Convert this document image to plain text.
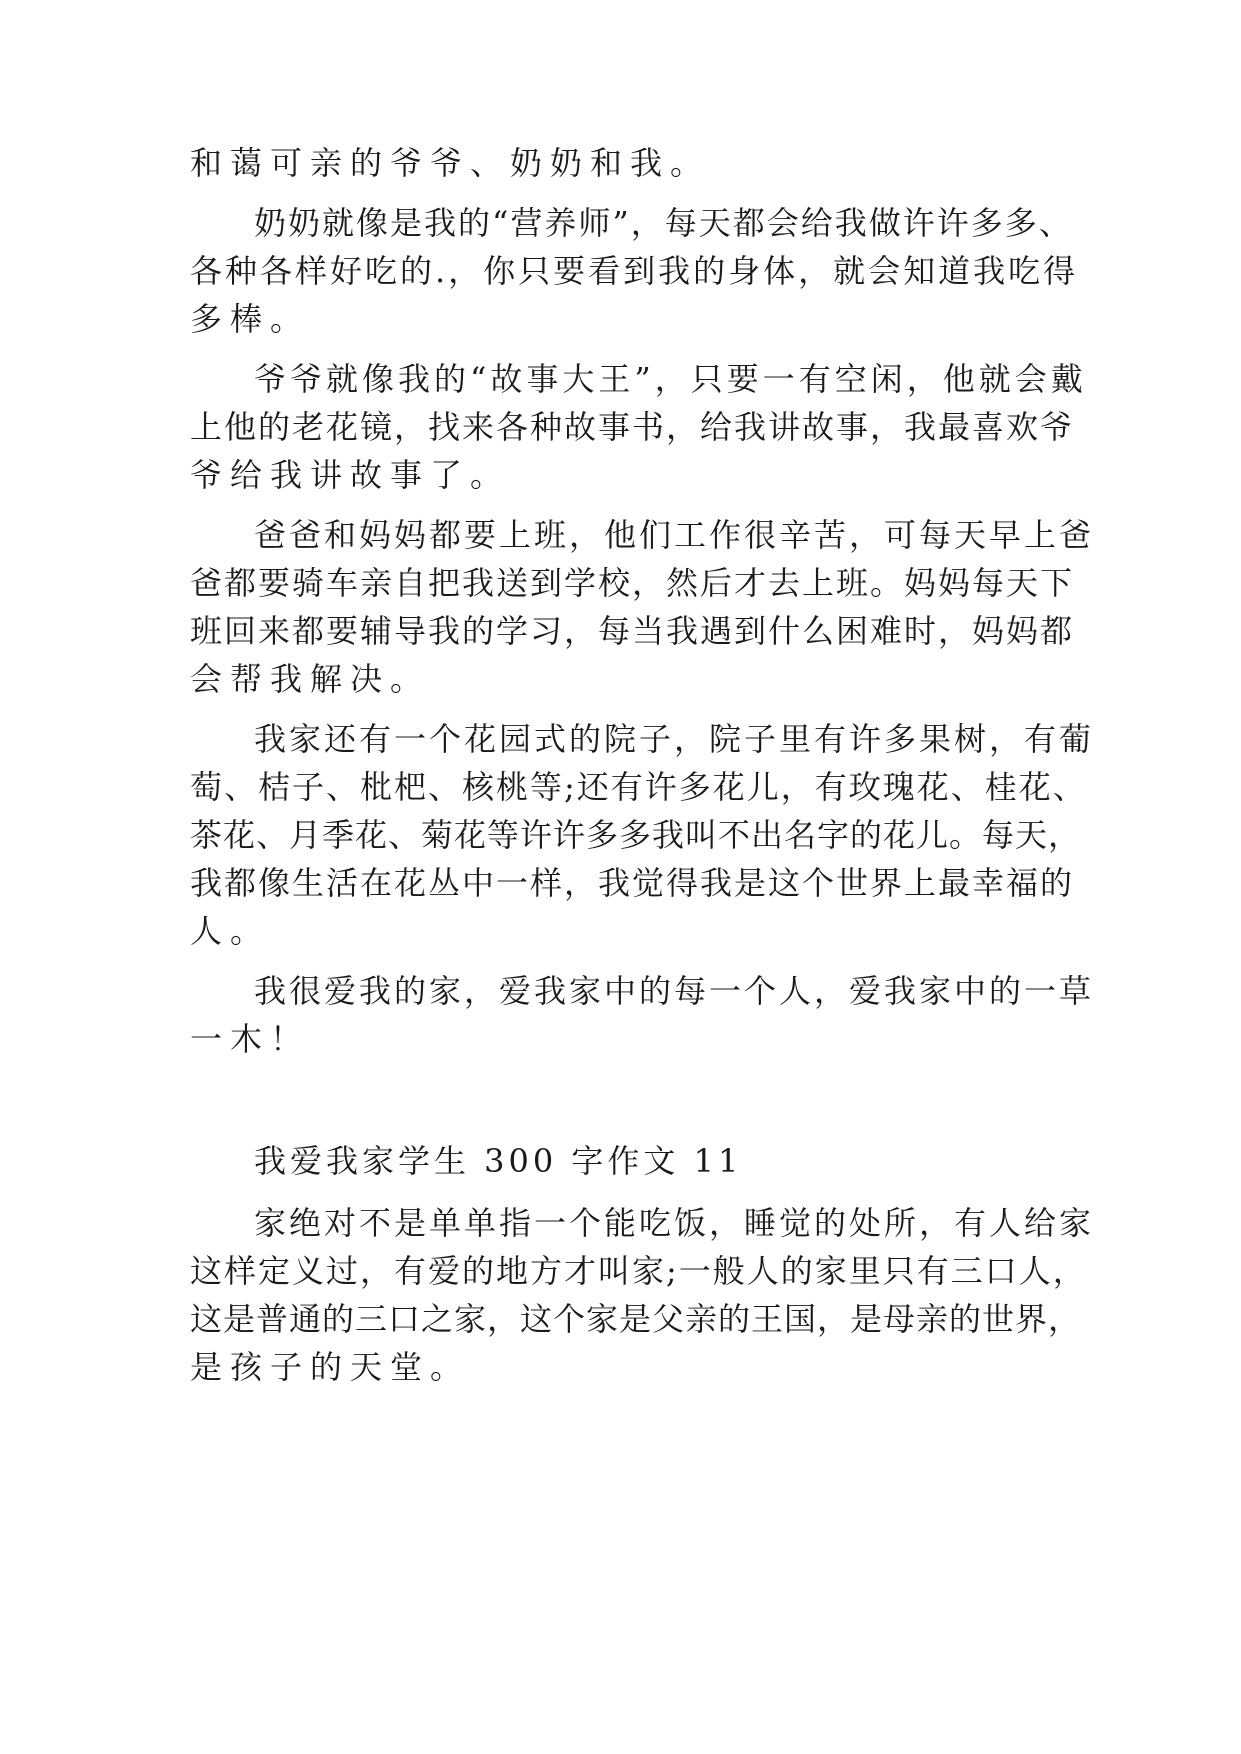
和蔼可亲的爷爷、奶奶和我。
奶奶就像是我的“营养师”，每天都会给我做许许多多、
各种各样好吃的.，你只要看到我的身体，就会知道我吃得
多棒。
爷爷就像我的“故事大王”，只要一有空闲，他就会戴
上他的老花镜，找来各种故事书，给我讲故事，我最喜欢爷
爷给我讲故事了。
爸爸和妈妈都要上班，他们工作很辛苦，可每天早上爸
爸都要骑车亲自把我送到学校，然后才去上班。妈妈每天下
班回来都要辅导我的学习，每当我遇到什么困难时，妈妈都
会帮我解决。
我家还有一个花园式的院子，院子里有许多果树，有葡
萄、桔子、枇杷、核桃等;还有许多花儿，有玫瑰花、桂花、
茶花、月季花、菊花等许许多多我叫不出名字的花儿。每天，
我都像生活在花丛中一样，我觉得我是这个世界上最幸福的
人。
我很爱我的家，爱我家中的每一个人，爱我家中的一草
一木！
我爱我家学生 300 字作文 11
家绝对不是单单指一个能吃饭，睡觉的处所，有人给家
这样定义过，有爱的地方才叫家;一般人的家里只有三口人，
这是普通的三口之家，这个家是父亲的王国，是母亲的世界，
是孩子的天堂。
